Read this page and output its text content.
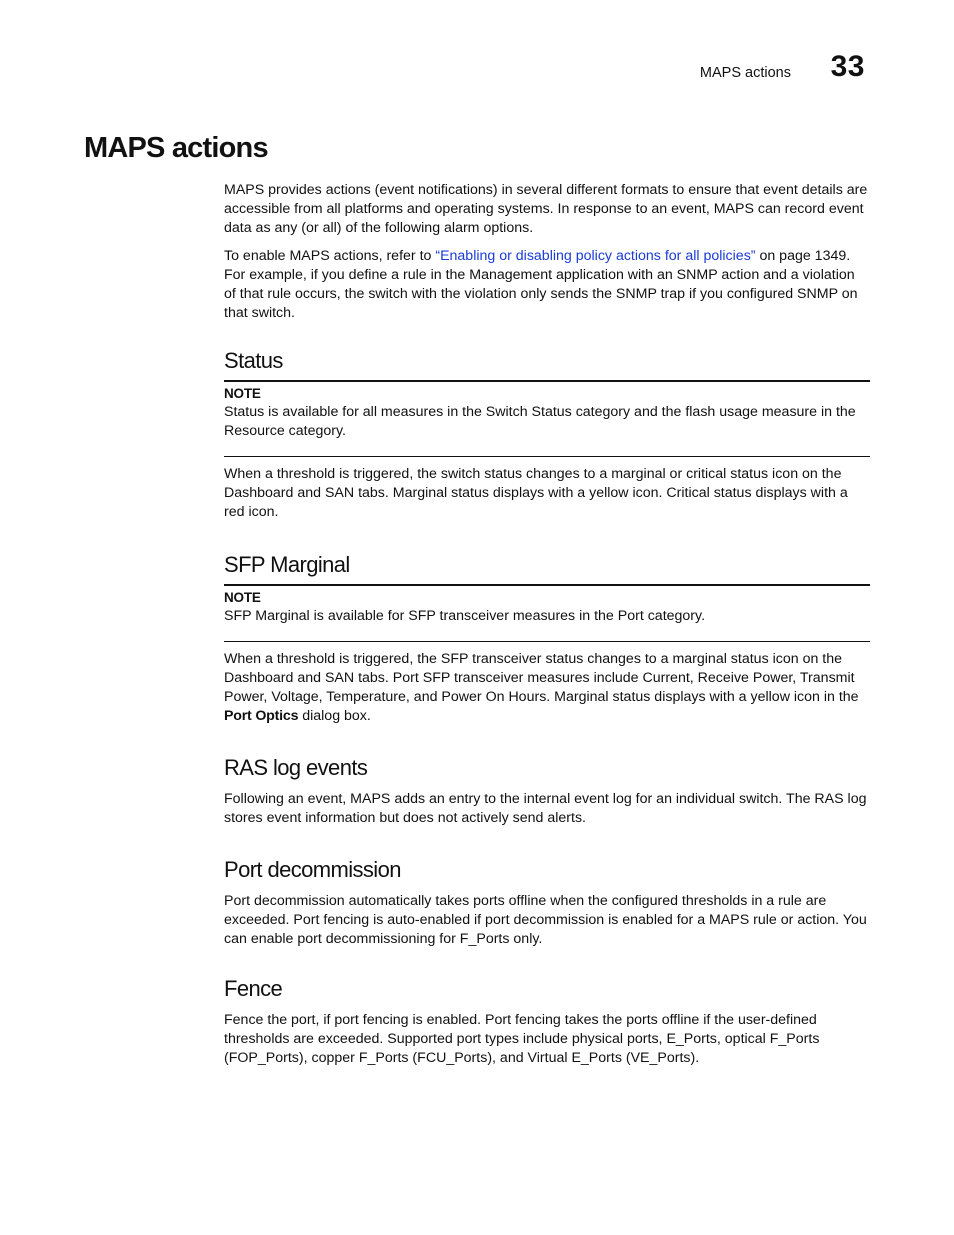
MAPS actions 33
MAPS actions

MAPS provides actions (event notifications) in several different formats to ensure that event details are accessible from all platforms and operating systems. In response to an event, MAPS can record event data as any (or all) of the following alarm options.

To enable MAPS actions, refer to “Enabling or disabling policy actions for all policies” on page 1349. For example, if you define a rule in the Management application with an SNMP action and a violation of that rule occurs, the switch with the violation only sends the SNMP trap if you configured SNMP on that switch.

Status
NOTE

Status is available for all measures in the Switch Status category and the flash usage measure in the Resource category.

When a threshold is triggered, the switch status changes to a marginal or critical status icon on the Dashboard and SAN tabs. Marginal status displays with a yellow icon. Critical status displays with a red icon.

SFP Marginal
NOTE

SFP Marginal is available for SFP transceiver measures in the Port category.

When a threshold is triggered, the SFP transceiver status changes to a marginal status icon on the Dashboard and SAN tabs. Port SFP transceiver measures include Current, Receive Power, Transmit Power, Voltage, Temperature, and Power On Hours. Marginal status displays with a yellow icon in the Port Optics dialog box.

RAS log events

Following an event, MAPS adds an entry to the internal event log for an individual switch. The RAS log stores event information but does not actively send alerts.

Port decommission

Port decommission automatically takes ports offline when the configured thresholds in a rule are exceeded. Port fencing is auto-enabled if port decommission is enabled for a MAPS rule or action. You can enable port decommissioning for F_Ports only.

Fence

Fence the port, if port fencing is enabled. Port fencing takes the ports offline if the user-defined thresholds are exceeded. Supported port types include physical ports, E_Ports, optical F_Ports (FOP_Ports), copper F_Ports (FCU_Ports), and Virtual E_Ports (VE_Ports).
